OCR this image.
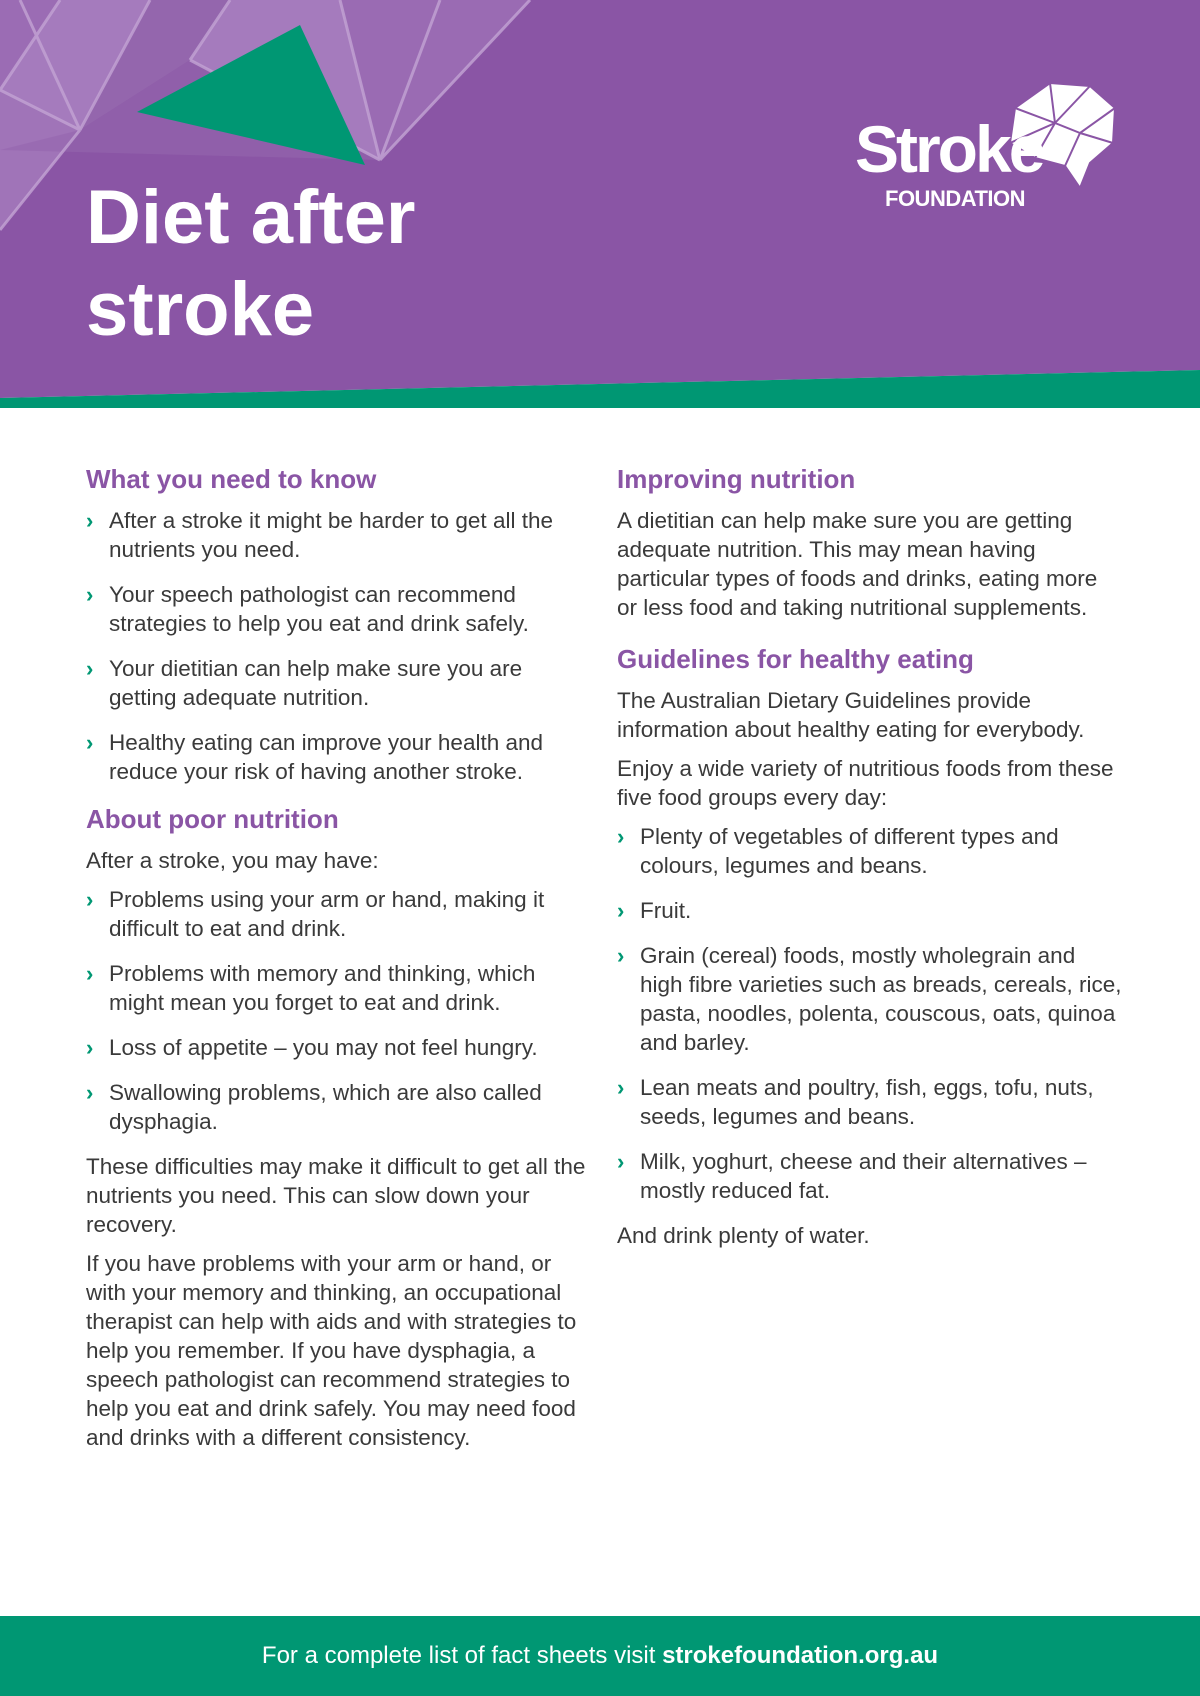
Diet after
stroke
Stroke
FOUNDATION
What you need to know
› After a stroke it might be harder to get all the nutrients you need.
› Your speech pathologist can recommend strategies to help you eat and drink safely.
› Your dietitian can help make sure you are getting adequate nutrition.
› Healthy eating can improve your health and reduce your risk of having another stroke.
About poor nutrition

After a stroke, you may have:

› Problems using your arm or hand, making it difficult to eat and drink.
› Problems with memory and thinking, which might mean you forget to eat and drink.
› Loss of appetite – you may not feel hungry.
› Swallowing problems, which are also called dysphagia.

These difficulties may make it difficult to get all the nutrients you need. This can slow down your recovery.

If you have problems with your arm or hand, or with your memory and thinking, an occupational therapist can help with aids and with strategies to help you remember. If you have dysphagia, a speech pathologist can recommend strategies to help you eat and drink safely. You may need food and drinks with a different consistency.

Improving nutrition

A dietitian can help make sure you are getting adequate nutrition. This may mean having particular types of foods and drinks, eating more or less food and taking nutritional supplements.

Guidelines for healthy eating

The Australian Dietary Guidelines provide information about healthy eating for everybody.

Enjoy a wide variety of nutritious foods from these five food groups every day:

› Plenty of vegetables of different types and colours, legumes and beans.
› Fruit.
› Grain (cereal) foods, mostly wholegrain and high fibre varieties such as breads, cereals, rice, pasta, noodles, polenta, couscous, oats, quinoa and barley.
› Lean meats and poultry, fish, eggs, tofu, nuts, seeds, legumes and beans.
› Milk, yoghurt, cheese and their alternatives – mostly reduced fat.

And drink plenty of water.

For a complete list of fact sheets visit strokefoundation.org.au
